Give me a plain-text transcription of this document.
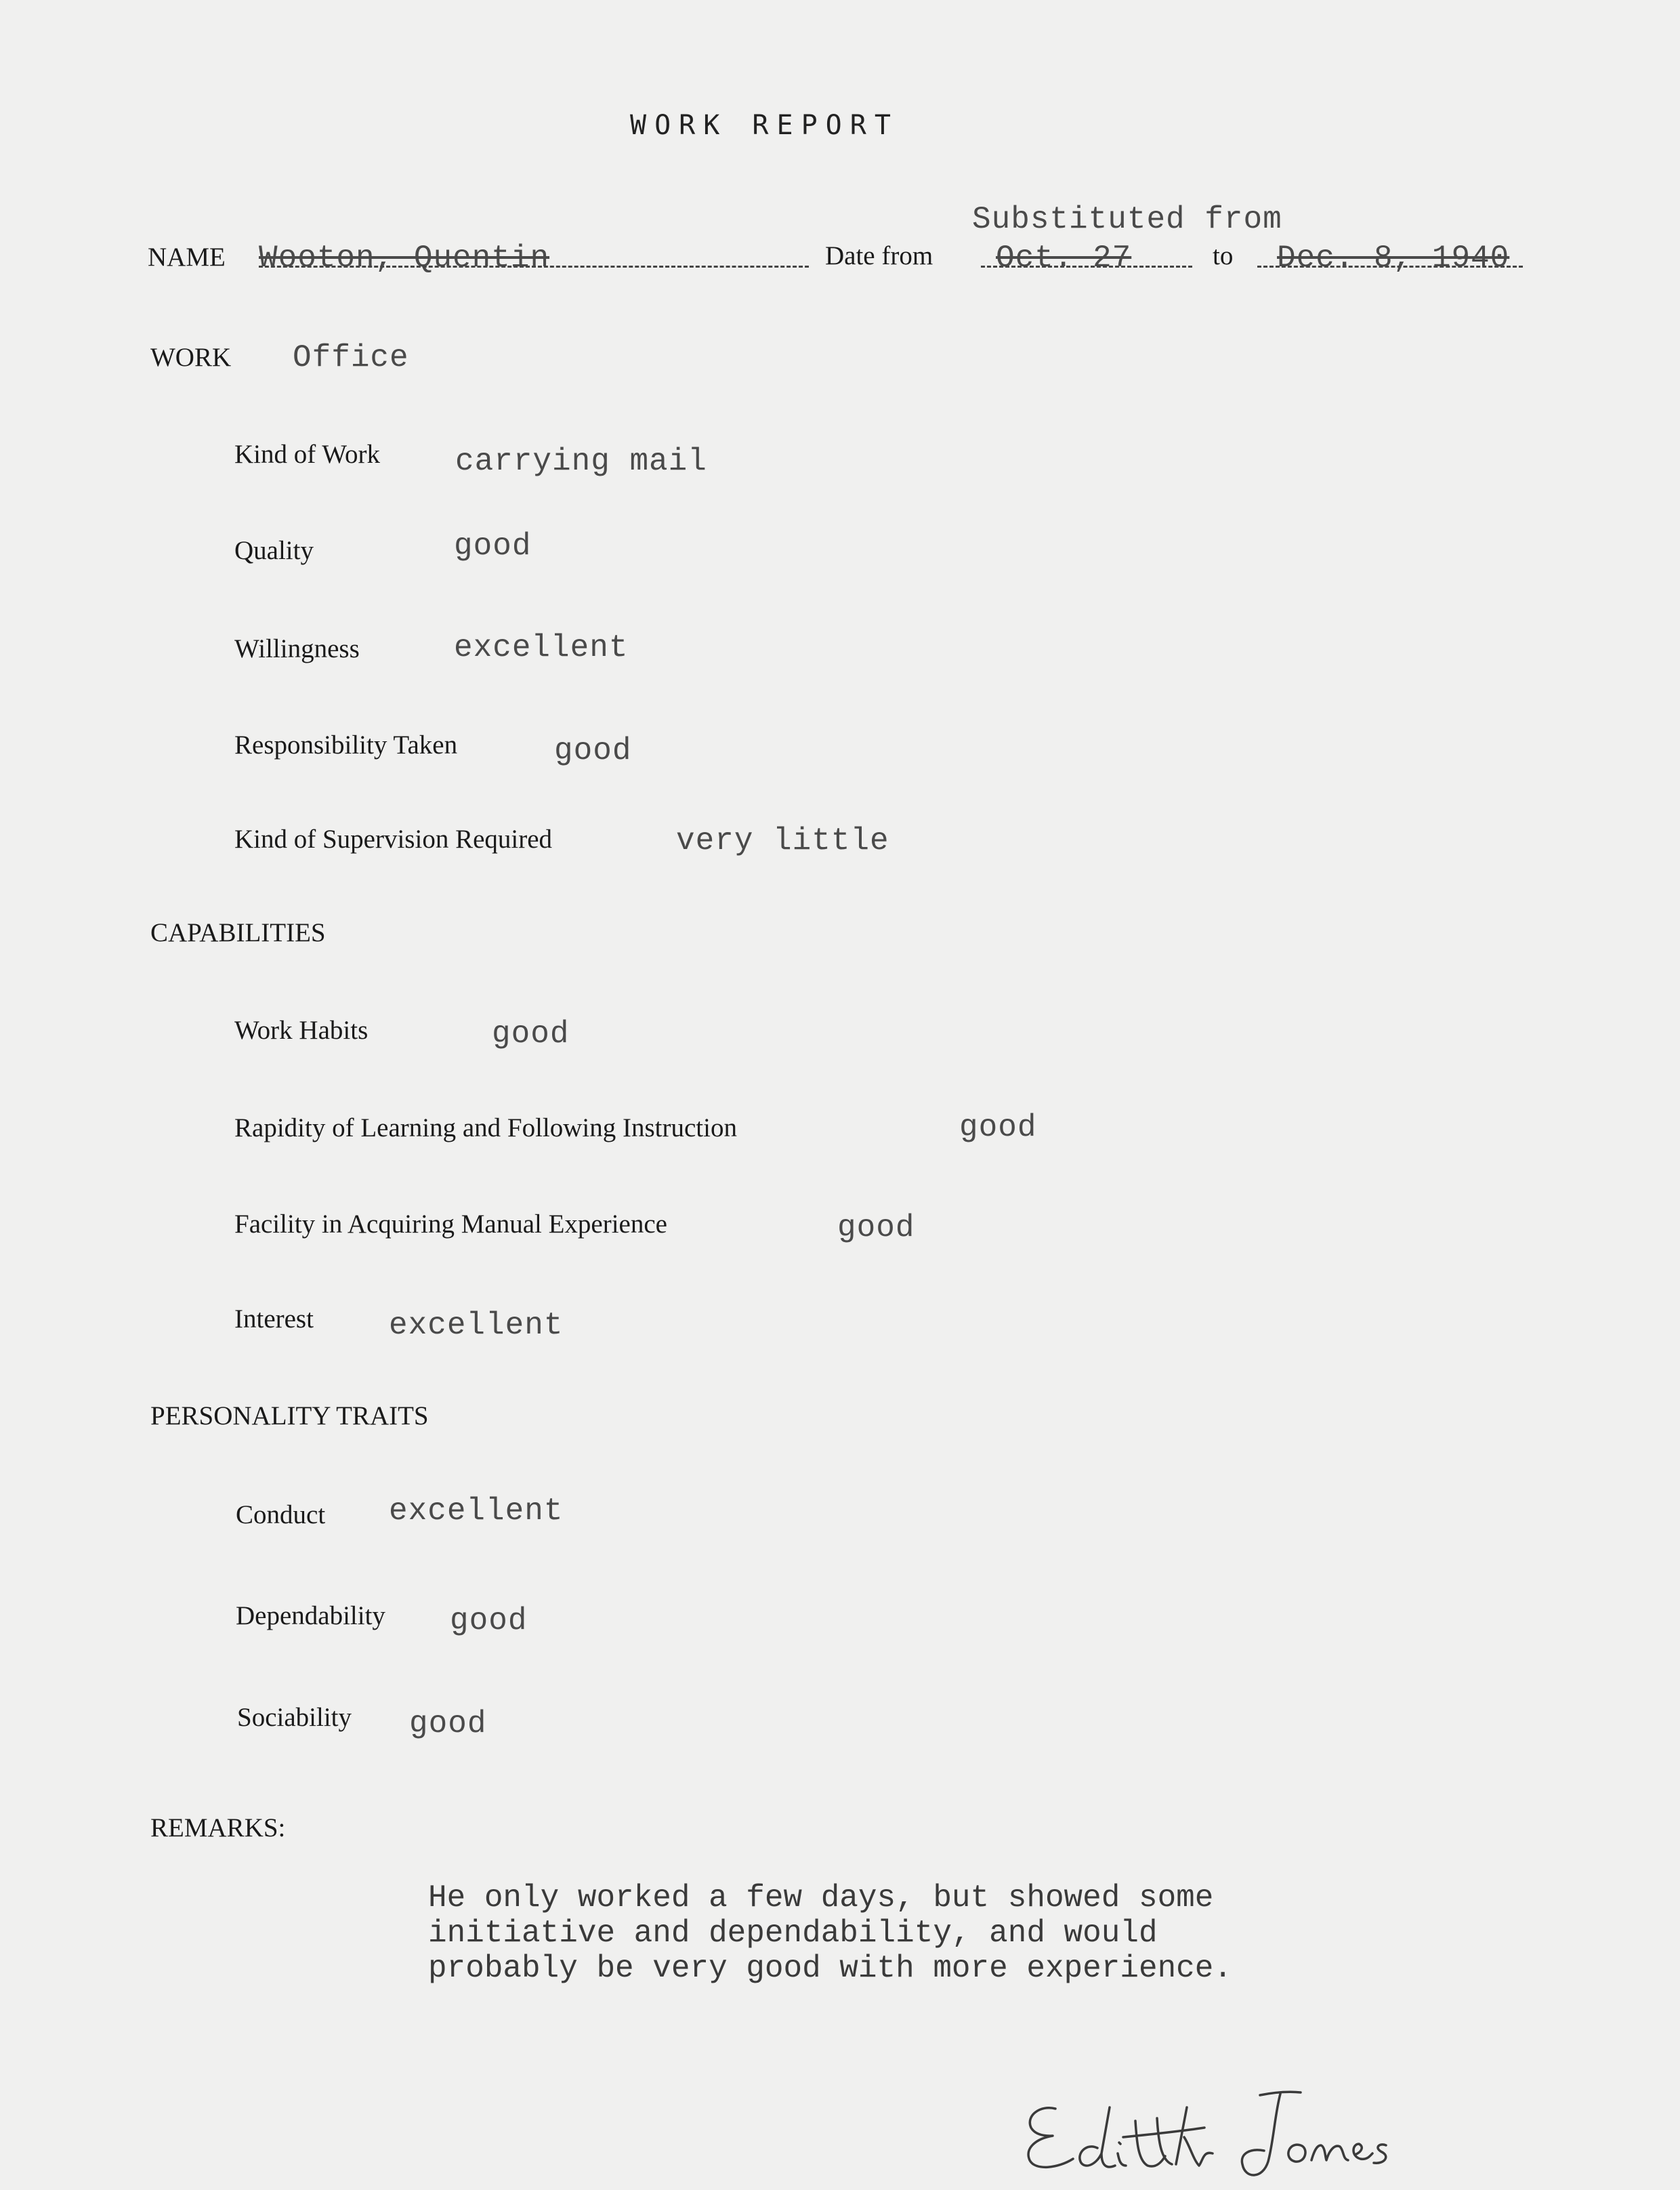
WORK REPORT
Substituted from
NAME Wooton, Quentin	Date from Oct. 27	to Dec. 8, 1940
WORK Office
Kind of Work carrying mail
Quality	good
Willingness	excellent
Responsibility Taken	good
Kind of Supervision Required	very little
CAPABILITIES
Work Habits	good
Rapidity of Learning and Following Instruction	good
Facility in Acquiring Manual Experience	good
Interest excellent
PERSONALITY TRAITS
Conduct excellent
Dependability good
Sociability good
REMARKS:
He only worked a few days, but showed some
initiative and dependability, and would
probably be very good with more experience.
